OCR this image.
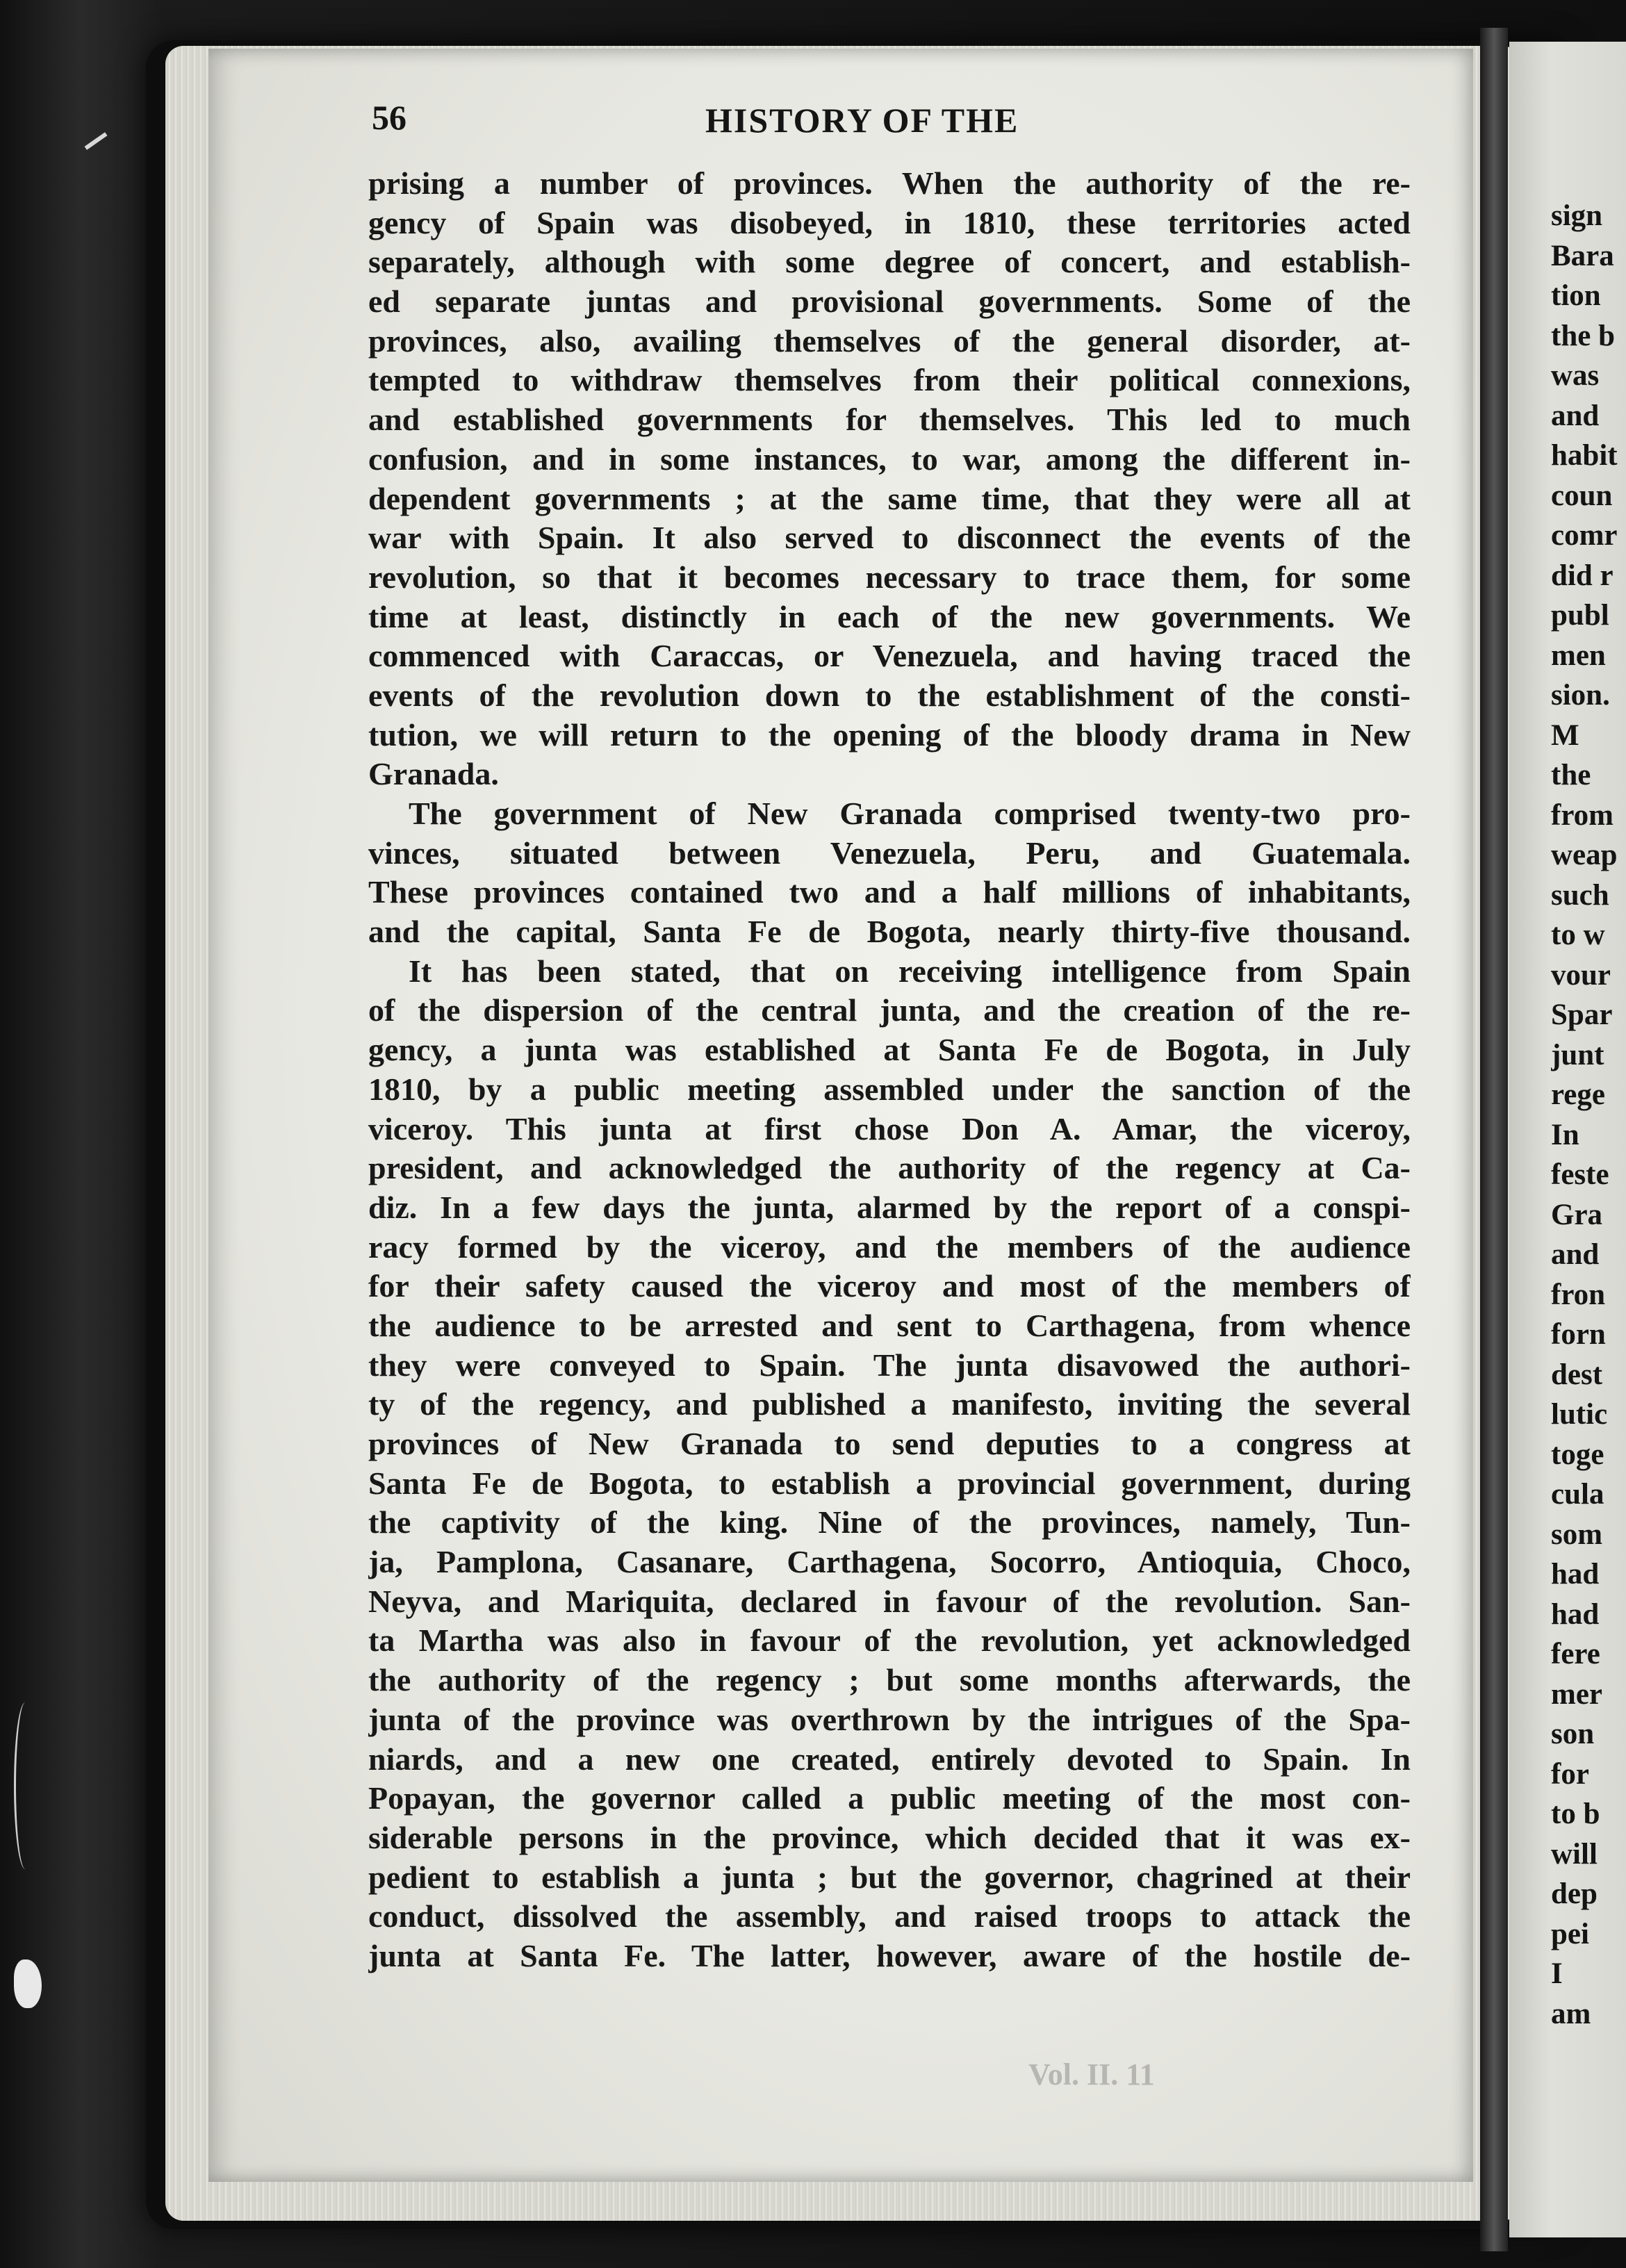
56	HISTORY OF THE
prising a number of provinces. When the authority of the re-
gency of Spain was disobeyed, in 1810, these territories acted
separately, although with some degree of concert, and establish-
ed separate juntas and provisional governments. Some of the
provinces, also, availing themselves of the general disorder, at-
tempted to withdraw themselves from their political connexions,
and established governments for themselves. This led to much
confusion, and in some instances, to war, among the different in-
dependent governments ; at the same time, that they were all at
war with Spain. It also served to disconnect the events of the
revolution, so that it becomes necessary to trace them, for some
time at least, distinctly in each of the new governments. We
commenced with Caraccas, or Venezuela, and having traced the
events of the revolution down to the establishment of the consti-
tution, we will return to the opening of the bloody drama in New
Granada.
The government of New Granada comprised twenty-two pro-
vinces, situated between Venezuela, Peru, and Guatemala.
These provinces contained two and a half millions of inhabitants,
and the capital, Santa Fe de Bogota, nearly thirty-five thousand.
It has been stated, that on receiving intelligence from Spain
of the dispersion of the central junta, and the creation of the re-
gency, a junta was established at Santa Fe de Bogota, in July
1810, by a public meeting assembled under the sanction of the
viceroy. This junta at first chose Don A. Amar, the viceroy,
president, and acknowledged the authority of the regency at Ca-
diz. In a few days the junta, alarmed by the report of a conspi-
racy formed by the viceroy, and the members of the audience
for their safety caused the viceroy and most of the members of
the audience to be arrested and sent to Carthagena, from whence
they were conveyed to Spain. The junta disavowed the authori-
ty of the regency, and published a manifesto, inviting the several
provinces of New Granada to send deputies to a congress at
Santa Fe de Bogota, to establish a provincial government, during
the captivity of the king. Nine of the provinces, namely, Tun-
ja, Pamplona, Casanare, Carthagena, Socorro, Antioquia, Choco,
Neyva, and Mariquita, declared in favour of the revolution. San-
ta Martha was also in favour of the revolution, yet acknowledged
the authority of the regency ; but some months afterwards, the
junta of the province was overthrown by the intrigues of the Spa-
niards, and a new one created, entirely devoted to Spain. In
Popayan, the governor called a public meeting of the most con-
siderable persons in the province, which decided that it was ex-
pedient to establish a junta ; but the governor, chagrined at their
conduct, dissolved the assembly, and raised troops to attack the
junta at Santa Fe. The latter, however, aware of the hostile de-
sign
Bara
tion
the b
was
and
habit
coun
comr
did r
publ
men
sion.
M
the
from
weap
such
to w
vour
Spar
junt
rege
In
feste
Gra
and
fron
forn
dest
lutic
toge
cula
som
had
had
fere
mer
son
for
to b
will
dep
pei
I
am
Vol. II. 11
